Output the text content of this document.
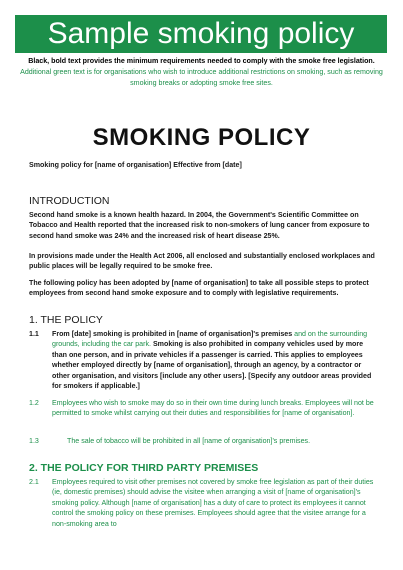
Sample smoking policy
Black, bold text provides the minimum requirements needed to comply with the smoke free legislation.
Additional green text is for organisations who wish to introduce additional restrictions on smoking, such as removing smoking breaks or adopting smoke free sites.
SMOKING POLICY
Smoking policy for [name of organisation] Effective from [date]
INTRODUCTION
Second hand smoke is a known health hazard. In 2004, the Government's Scientific Committee on Tobacco and Health reported that the increased risk to non-smokers of lung cancer from exposure to second hand smoke was 24% and the increased risk of heart disease 25%.
In provisions made under the Health Act 2006, all enclosed and substantially enclosed workplaces and public places will be legally required to be smoke free.
The following policy has been adopted by [name of organisation] to take all possible steps to protect employees from second hand smoke exposure and to comply with legislative requirements.
1. THE POLICY
1.1 From [date] smoking is prohibited in [name of organisation]'s premises and on the surrounding grounds, including the car park. Smoking is also prohibited in company vehicles used by more than one person, and in private vehicles if a passenger is carried. This applies to employees whether employed directly by [name of organisation], through an agency, by a contractor or other organisation, and visitors [include any other users]. [Specify any outdoor areas provided for smokers if applicable.]
1.2 Employees who wish to smoke may do so in their own time during lunch breaks. Employees will not be permitted to smoke whilst carrying out their duties and responsibilities for [name of organisation].
1.3	The sale of tobacco will be prohibited in all [name of organisation]'s premises.
2. THE POLICY FOR THIRD PARTY PREMISES
2.1 Employees required to visit other premises not covered by smoke free legislation as part of their duties (ie, domestic premises) should advise the visitee when arranging a visit of [name of organisation]'s smoking policy. Although [name of organisation] has a duty of care to protect its employees it cannot control the smoking policy on these premises. Employees should agree that the visitee arrange for a non-smoking area to
